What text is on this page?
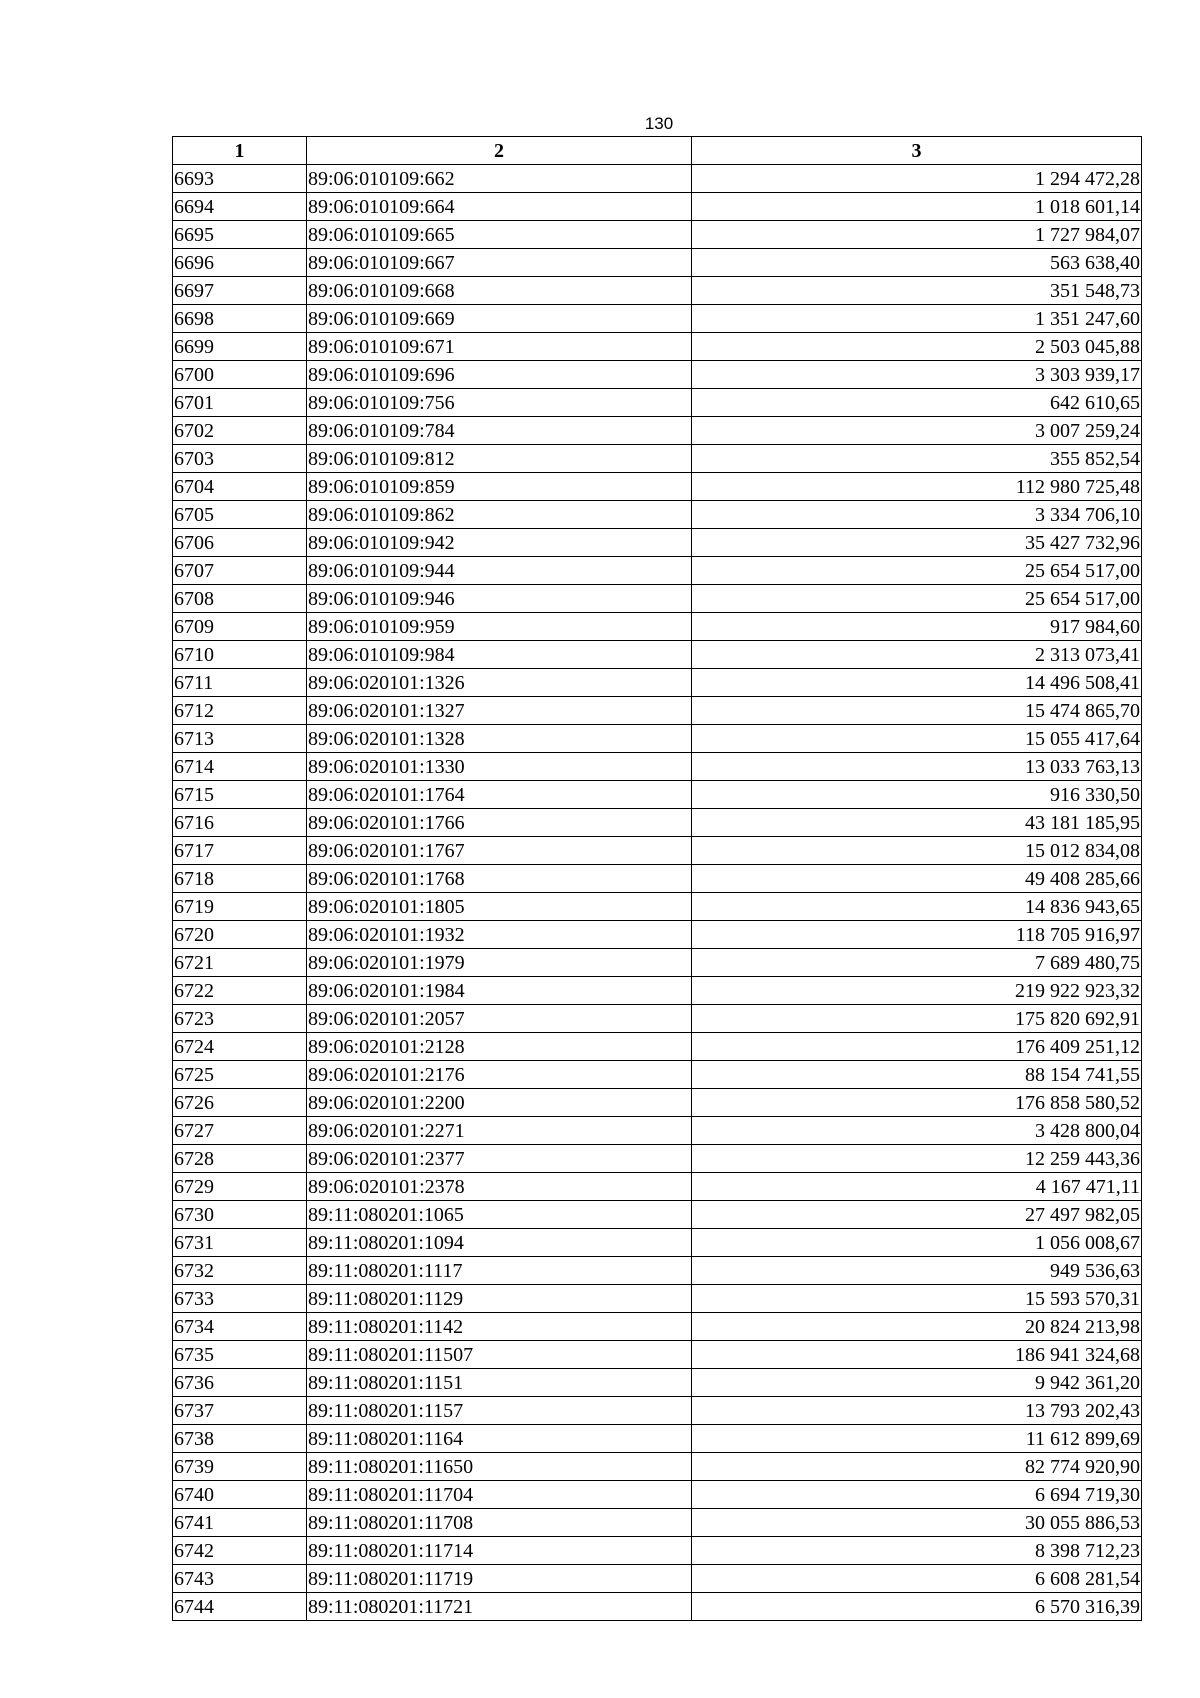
130
1	2	3
6693	89:06:010109:662	1 294 472,28
6694	89:06:010109:664	1 018 601,14
6695	89:06:010109:665	1 727 984,07
6696	89:06:010109:667	563 638,40
6697	89:06:010109:668	351 548,73
6698	89:06:010109:669	1 351 247,60
6699	89:06:010109:671	2 503 045,88
6700	89:06:010109:696	3 303 939,17
6701	89:06:010109:756	642 610,65
6702	89:06:010109:784	3 007 259,24
6703	89:06:010109:812	355 852,54
6704	89:06:010109:859	112 980 725,48
6705	89:06:010109:862	3 334 706,10
6706	89:06:010109:942	35 427 732,96
6707	89:06:010109:944	25 654 517,00
6708	89:06:010109:946	25 654 517,00
6709	89:06:010109:959	917 984,60
6710	89:06:010109:984	2 313 073,41
6711	89:06:020101:1326	14 496 508,41
6712	89:06:020101:1327	15 474 865,70
6713	89:06:020101:1328	15 055 417,64
6714	89:06:020101:1330	13 033 763,13
6715	89:06:020101:1764	916 330,50
6716	89:06:020101:1766	43 181 185,95
6717	89:06:020101:1767	15 012 834,08
6718	89:06:020101:1768	49 408 285,66
6719	89:06:020101:1805	14 836 943,65
6720	89:06:020101:1932	118 705 916,97
6721	89:06:020101:1979	7 689 480,75
6722	89:06:020101:1984	219 922 923,32
6723	89:06:020101:2057	175 820 692,91
6724	89:06:020101:2128	176 409 251,12
6725	89:06:020101:2176	88 154 741,55
6726	89:06:020101:2200	176 858 580,52
6727	89:06:020101:2271	3 428 800,04
6728	89:06:020101:2377	12 259 443,36
6729	89:06:020101:2378	4 167 471,11
6730	89:11:080201:1065	27 497 982,05
6731	89:11:080201:1094	1 056 008,67
6732	89:11:080201:1117	949 536,63
6733	89:11:080201:1129	15 593 570,31
6734	89:11:080201:1142	20 824 213,98
6735	89:11:080201:11507	186 941 324,68
6736	89:11:080201:1151	9 942 361,20
6737	89:11:080201:1157	13 793 202,43
6738	89:11:080201:1164	11 612 899,69
6739	89:11:080201:11650	82 774 920,90
6740	89:11:080201:11704	6 694 719,30
6741	89:11:080201:11708	30 055 886,53
6742	89:11:080201:11714	8 398 712,23
6743	89:11:080201:11719	6 608 281,54
6744	89:11:080201:11721	6 570 316,39
